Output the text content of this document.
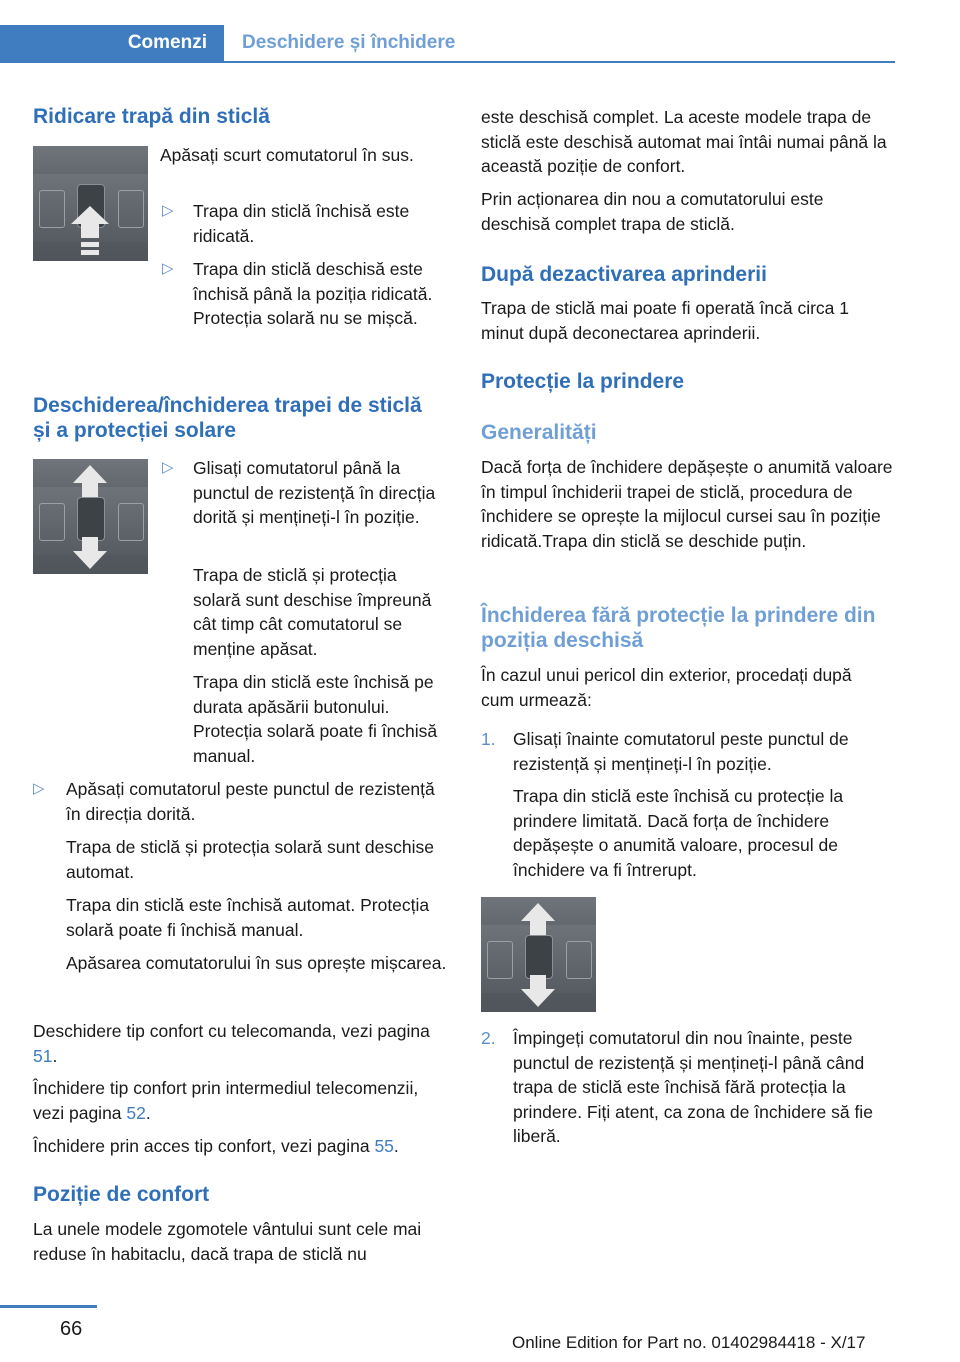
Comenzi Deschidere și închidere
Ridicare trapă din sticlă

Apăsați scurt comutatorul în sus.

▷ Trapa din sticlă închisă este ridicată.

▷ Trapa din sticlă deschisă este închisă până la poziția ridicată. Protecția solară nu se mișcă.

Deschiderea/închiderea trapei de sticlă și a protecției solare
▷ Glisați comutatorul până la punctul de rezistență în direcția dorită și mențineți-l în poziție.

Trapa de sticlă și protecția solară sunt deschise împreună cât timp cât comutatorul se menține apăsat.

Trapa din sticlă este închisă pe durata apăsării butonului. Protecția solară poate fi închisă manual.

▷ Apăsați comutatorul peste punctul de rezistență în direcția dorită.

Trapa de sticlă și protecția solară sunt deschise automat.

Trapa din sticlă este închisă automat. Protecția solară poate fi închisă manual.

Apăsarea comutatorului în sus oprește mișcarea.

Deschidere tip confort cu telecomanda, vezi pagina 51.

Închidere tip confort prin intermediul telecomenzii, vezi pagina 52.

Închidere prin acces tip confort, vezi pagina 55.

Poziție de confort

La unele modele zgomotele vântului sunt cele mai reduse în habitaclu, dacă trapa de sticlă nu

este deschisă complet. La aceste modele trapa de sticlă este deschisă automat mai întâi numai până la această poziție de confort.

Prin acționarea din nou a comutatorului este deschisă complet trapa de sticlă.

După dezactivarea aprinderii

Trapa de sticlă mai poate fi operată încă circa 1 minut după deconectarea aprinderii.

Protecție la prindere
Generalități

Dacă forța de închidere depășește o anumită valoare în timpul închiderii trapei de sticlă, procedura de închidere se oprește la mijlocul cursei sau în poziție ridicată.Trapa din sticlă se deschide puțin.

Închiderea fără protecție la prindere din poziția deschisă

În cazul unui pericol din exterior, procedați după cum urmează:

1. Glisați înainte comutatorul peste punctul de rezistență și mențineți-l în poziție.

Trapa din sticlă este închisă cu protecție la prindere limitată. Dacă forța de închidere depășește o anumită valoare, procesul de închidere va fi întrerupt.

2. Împingeți comutatorul din nou înainte, peste punctul de rezistență și mențineți-l până când trapa de sticlă este închisă fără protecția la prindere. Fiți atent, ca zona de închidere să fie liberă.

66
Online Edition for Part no. 01402984418 - X/17
